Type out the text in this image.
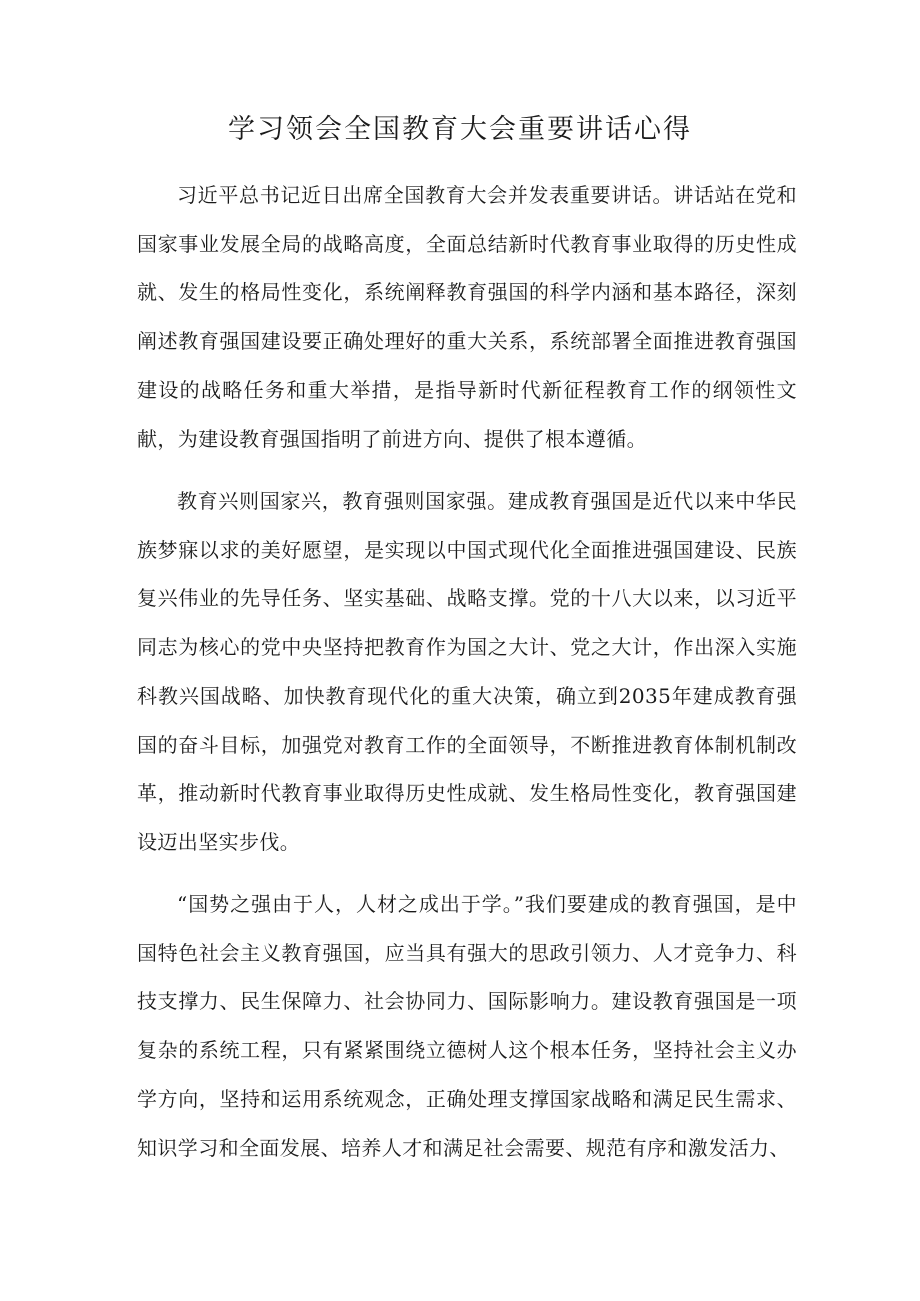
学习领会全国教育大会重要讲话心得

习近平总书记近日出席全国教育大会并发表重要讲话。讲话站在党和国家事业发展全局的战略高度，全面总结新时代教育事业取得的历史性成就、发生的格局性变化，系统阐释教育强国的科学内涵和基本路径，深刻阐述教育强国建设要正确处理好的重大关系，系统部署全面推进教育强国建设的战略任务和重大举措，是指导新时代新征程教育工作的纲领性文献，为建设教育强国指明了前进方向、提供了根本遵循。

教育兴则国家兴，教育强则国家强。建成教育强国是近代以来中华民族梦寐以求的美好愿望，是实现以中国式现代化全面推进强国建设、民族复兴伟业的先导任务、坚实基础、战略支撑。党的十八大以来，以习近平同志为核心的党中央坚持把教育作为国之大计、党之大计，作出深入实施科教兴国战略、加快教育现代化的重大决策，确立到2035年建成教育强国的奋斗目标，加强党对教育工作的全面领导，不断推进教育体制机制改革，推动新时代教育事业取得历史性成就、发生格局性变化，教育强国建设迈出坚实步伐。

“国势之强由于人，人材之成出于学。”我们要建成的教育强国，是中国特色社会主义教育强国，应当具有强大的思政引领力、人才竞争力、科技支撑力、民生保障力、社会协同力、国际影响力。建设教育强国是一项复杂的系统工程，只有紧紧围绕立德树人这个根本任务，坚持社会主义办学方向，坚持和运用系统观念，正确处理支撑国家战略和满足民生需求、知识学习和全面发展、培养人才和满足社会需要、规范有序和激发活力、
